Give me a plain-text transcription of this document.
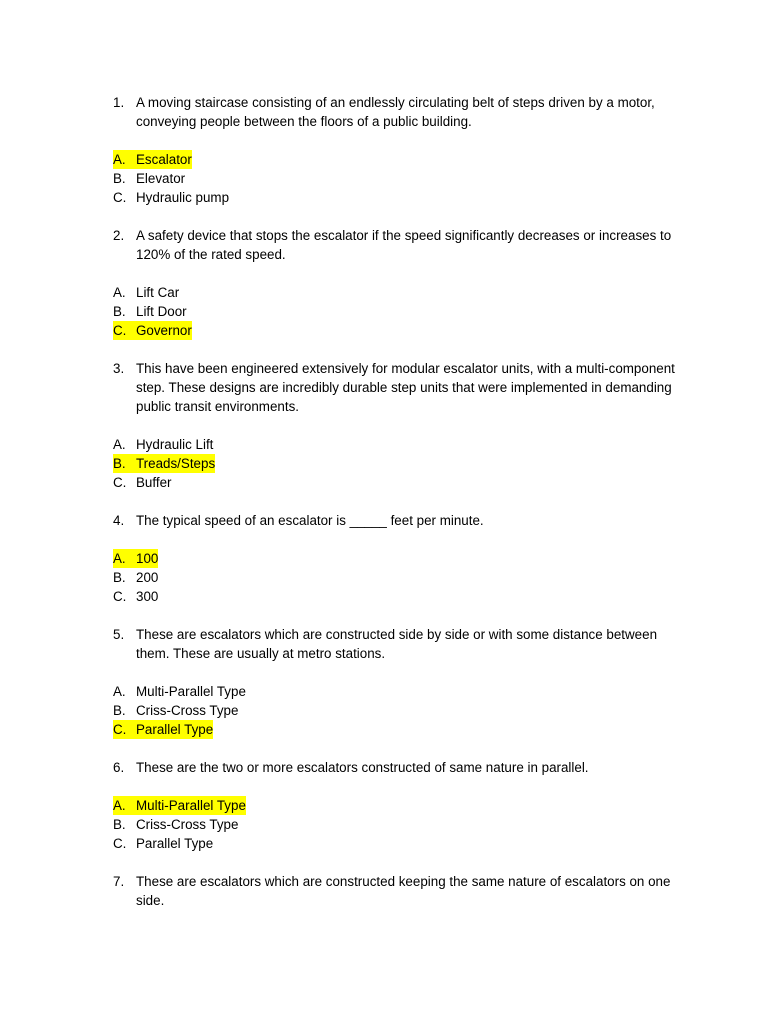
1. A moving staircase consisting of an endlessly circulating belt of steps driven by a motor, conveying people between the floors of a public building.
A. Escalator
B. Elevator
C. Hydraulic pump
2. A safety device that stops the escalator if the speed significantly decreases or increases to 120% of the rated speed.
A. Lift Car
B. Lift Door
C. Governor
3. This have been engineered extensively for modular escalator units, with a multi-component step. These designs are incredibly durable step units that were implemented in demanding public transit environments.
A. Hydraulic Lift
B. Treads/Steps
C. Buffer
4. The typical speed of an escalator is _____ feet per minute.
A. 100
B. 200
C. 300
5. These are escalators which are constructed side by side or with some distance between them. These are usually at metro stations.
A. Multi-Parallel Type
B. Criss-Cross Type
C. Parallel Type
6. These are the two or more escalators constructed of same nature in parallel.
A. Multi-Parallel Type
B. Criss-Cross Type
C. Parallel Type
7. These are escalators which are constructed keeping the same nature of escalators on one side.
